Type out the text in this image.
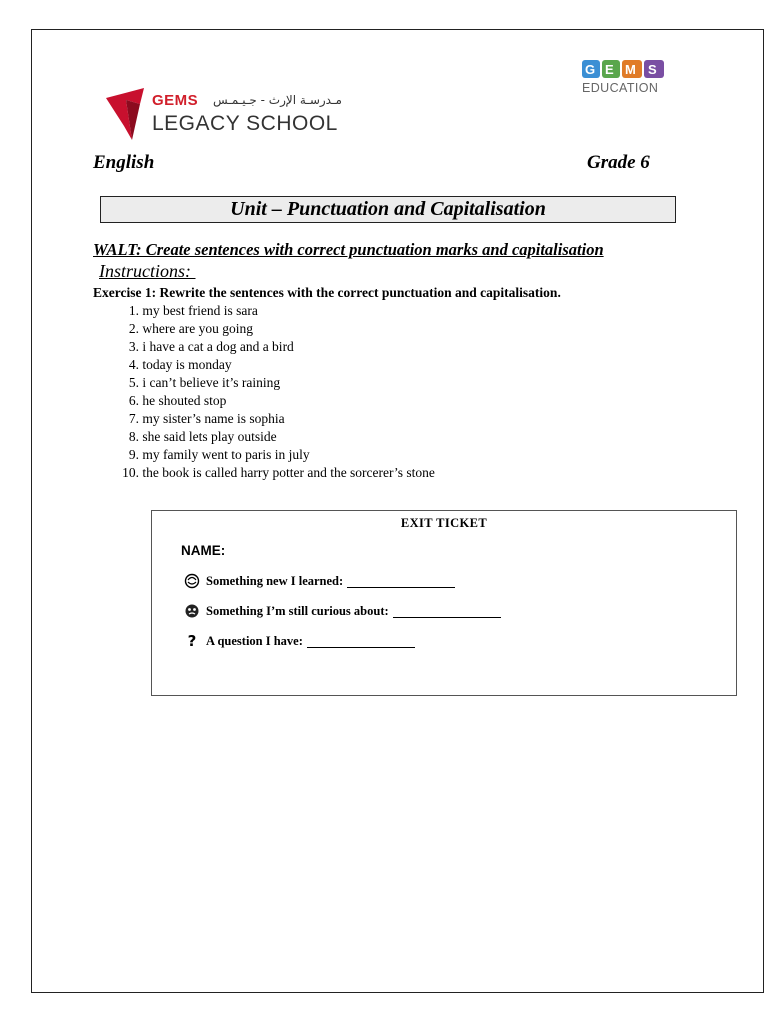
GEMS مـدرسـة الإرث - جـيـمـس
LEGACY SCHOOL
G E M S
EDUCATION
English	Grade 6
Unit – Punctuation and Capitalisation
WALT: Create sentences with correct punctuation marks and capitalisation
Instructions:
Exercise 1: Rewrite the sentences with the correct punctuation and capitalisation.
1. my best friend is sara
2. where are you going
3. i have a cat a dog and a bird
4. today is monday
5. i can’t believe it’s raining
6. he shouted stop
7. my sister’s name is sophia
8. she said lets play outside
9. my family went to paris in july
10. the book is called harry potter and the sorcerer’s stone
EXIT TICKET
NAME:
Something new I learned:
Something I’m still curious about:
? A question I have:
